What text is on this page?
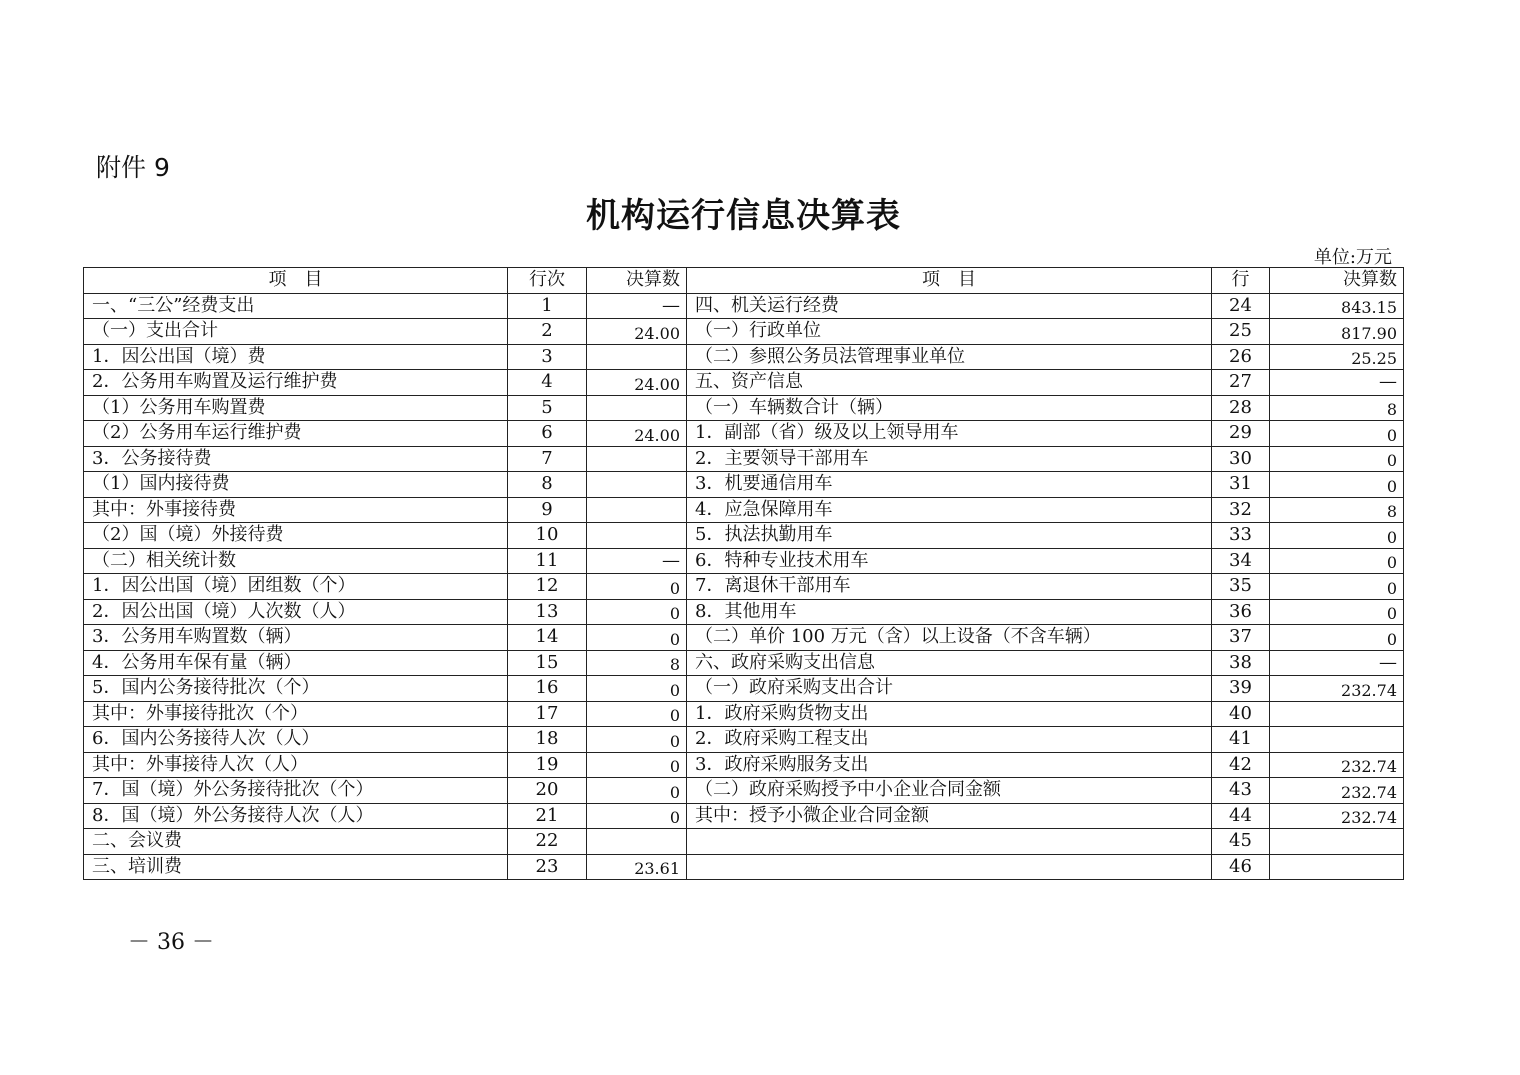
附件 9
机构运行信息决算表
单位:万元
项　目	行次	决算数	项　目	行	决算数
一、“三公”经费支出	1	—	四、机关运行经费	24	843.15
（一）支出合计	2	24.00	（一）行政单位	25	817.90
1．因公出国（境）费	3		（二）参照公务员法管理事业单位	26	25.25
2．公务用车购置及运行维护费	4	24.00	五、资产信息	27	—
（1）公务用车购置费	5		（一）车辆数合计（辆）	28	8
（2）公务用车运行维护费	6	24.00	1．副部（省）级及以上领导用车	29	0
3．公务接待费	7		2．主要领导干部用车	30	0
（1）国内接待费	8		3．机要通信用车	31	0
其中：外事接待费	9		4．应急保障用车	32	8
（2）国（境）外接待费	10		5．执法执勤用车	33	0
（二）相关统计数	11	—	6．特种专业技术用车	34	0
1．因公出国（境）团组数（个）	12	0	7．离退休干部用车	35	0
2．因公出国（境）人次数（人）	13	0	8．其他用车	36	0
3．公务用车购置数（辆）	14	0	（二）单价 100 万元（含）以上设备（不含车辆）	37	0
4．公务用车保有量（辆）	15	8	六、政府采购支出信息	38	—
5．国内公务接待批次（个）	16	0	（一）政府采购支出合计	39	232.74
其中：外事接待批次（个）	17	0	1．政府采购货物支出	40	
6．国内公务接待人次（人）	18	0	2．政府采购工程支出	41	
其中：外事接待人次（人）	19	0	3．政府采购服务支出	42	232.74
7．国（境）外公务接待批次（个）	20	0	（二）政府采购授予中小企业合同金额	43	232.74
8．国（境）外公务接待人次（人）	21	0	其中：授予小微企业合同金额	44	232.74
二、会议费	22			45	
三、培训费	23	23.61		46	
－ 36 －
